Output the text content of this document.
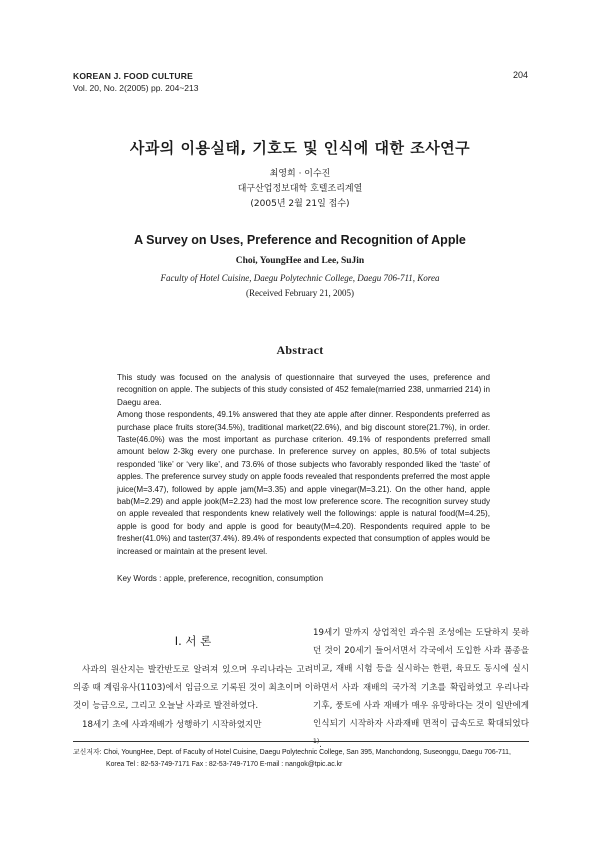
KOREAN J. FOOD CULTURE
Vol. 20, No. 2(2005) pp. 204~213
204
사과의 이용실태, 기호도 및 인식에 대한 조사연구
최영희 · 이수진
대구산업정보대학 호텔조리계열
(2005년 2월 21일 접수)
A Survey on Uses, Preference and Recognition of Apple
Choi, YoungHee and Lee, SuJin
Faculty of Hotel Cuisine, Daegu Polytechnic College, Daegu 706-711, Korea
(Received February 21, 2005)
Abstract

This study was focused on the analysis of questionnaire that surveyed the uses, preference and recognition on apple. The subjects of this study consisted of 452 female(married 238, unmarried 214) in Daegu area.

Among those respondents, 49.1% answered that they ate apple after dinner. Respondents preferred as purchase place fruits store(34.5%), traditional market(22.6%), and big discount store(21.7%), in order. Taste(46.0%) was the most important as purchase criterion. 49.1% of respondents preferred small amount below 2-3kg every one purchase. In preference survey on apples, 80.5% of total subjects responded ‘like’ or ‘very like’, and 73.6% of those subjects who favorably responded liked the ‘taste’ of apples. The preference survey study on apple foods revealed that respondents preferred the most apple juice(M=3.47), followed by apple jam(M=3.35) and apple vinegar(M=3.21). On the other hand, apple bab(M=2.29) and apple jook(M=2.23) had the most low preference score. The recognition survey study on apple revealed that respondents knew relatively well the followings: apple is natural food(M=4.25), apple is good for body and apple is good for beauty(M=4.20). Respondents required apple to be fresher(41.0%) and taster(37.4%). 89.4% of respondents expected that consumption of apples would be increased or maintain at the present level.

Key Words : apple, preference, recognition, consumption
I. 서 론

사과의 원산지는 발칸반도로 알려져 있으며 우리나라는 고려 의종 때 계림유사(1103)에서 임금으로 기록된 것이 최초이며 이것이 능금으로, 그리고 오늘날 사과로 발전하였다.

18세기 초에 사과재배가 성행하기 시작하였지만

19세기 말까지 상업적인 과수원 조성에는 도달하지 못하던 것이 20세기 들어서면서 각국에서 도입한 사과 품종을 비교, 재배 시험 등을 실시하는 한편, 육묘도 동시에 실시하면서 사과 재배의 국가적 기초를 확립하였고 우리나라 기후, 풍토에 사과 재배가 매우 유망하다는 것이 일반에게 인식되기 시작하자 사과재배 면적이 급속도로 확대되었다$^{1)}$.

교신저자: Choi, YoungHee, Dept. of Faculty of Hotel Cuisine, Daegu Polytechnic College, San 395, Manchondong, Suseonggu, Daegu 706-711,
Korea Tel : 82-53-749-7171 Fax : 82-53-749-7170 E-mail : nangok@tpic.ac.kr
